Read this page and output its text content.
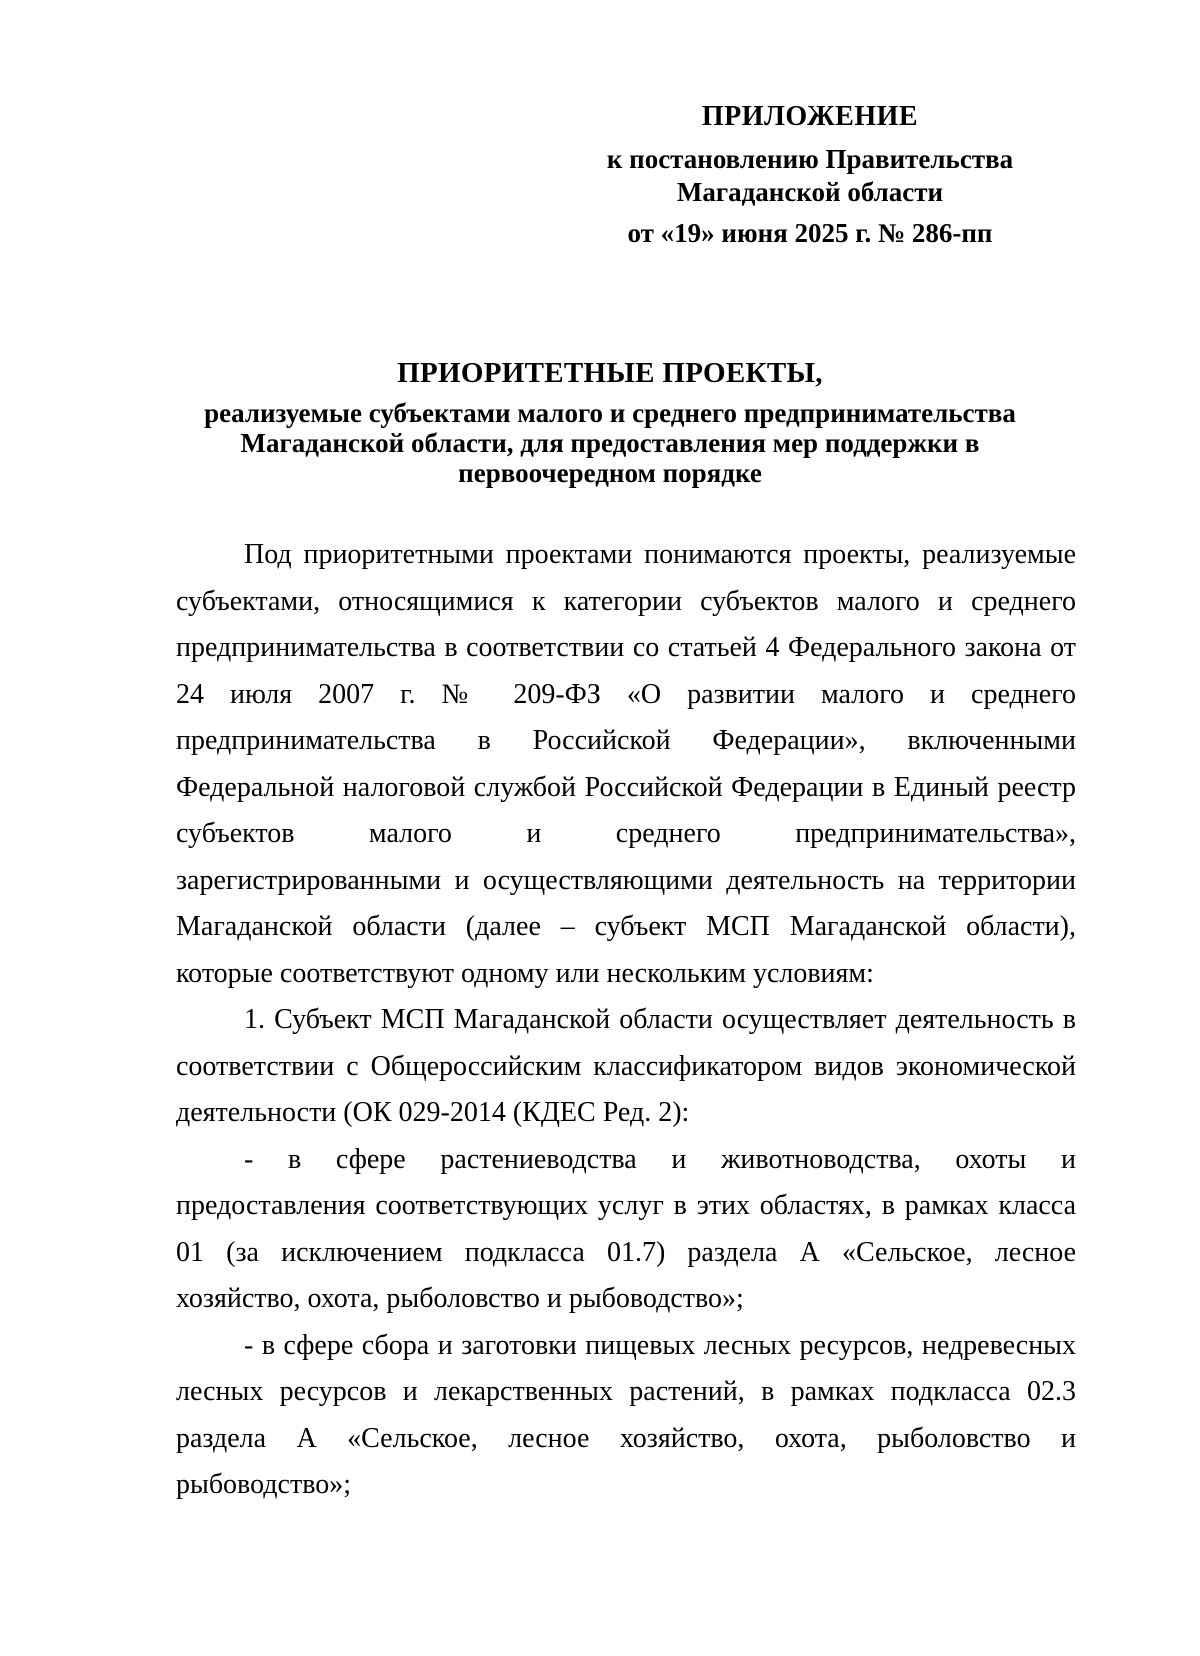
ПРИЛОЖЕНИЕ
к постановлению Правительства
Магаданской области
от «19» июня 2025 г. № 286-пп
ПРИОРИТЕТНЫЕ ПРОЕКТЫ,
реализуемые субъектами малого и среднего предпринимательства
Магаданской области, для предоставления мер поддержки в
первоочередном порядке

Под приоритетными проектами понимаются проекты, реализуемые субъектами, относящимися к категории субъектов малого и среднего предпринимательства в соответствии со статьей 4 Федерального закона от 24 июля 2007 г. № 209-ФЗ «О развитии малого и среднего предпринимательства в Российской Федерации», включенными Федеральной налоговой службой Российской Федерации в Единый реестр субъектов малого и среднего предпринимательства», зарегистрированными и осуществляющими деятельность на территории Магаданской области (далее – субъект МСП Магаданской области), которые соответствуют одному или нескольким условиям:

1. Субъект МСП Магаданской области осуществляет деятельность в соответствии с Общероссийским классификатором видов экономической деятельности (ОК 029-2014 (КДЕС Ред. 2):

- в сфере растениеводства и животноводства, охоты и предоставления соответствующих услуг в этих областях, в рамках класса 01 (за исключением подкласса 01.7) раздела А «Сельское, лесное хозяйство, охота, рыболовство и рыбоводство»;

- в сфере сбора и заготовки пищевых лесных ресурсов, недревесных лесных ресурсов и лекарственных растений, в рамках подкласса 02.3 раздела А «Сельское, лесное хозяйство, охота, рыболовство и рыбоводство»;
